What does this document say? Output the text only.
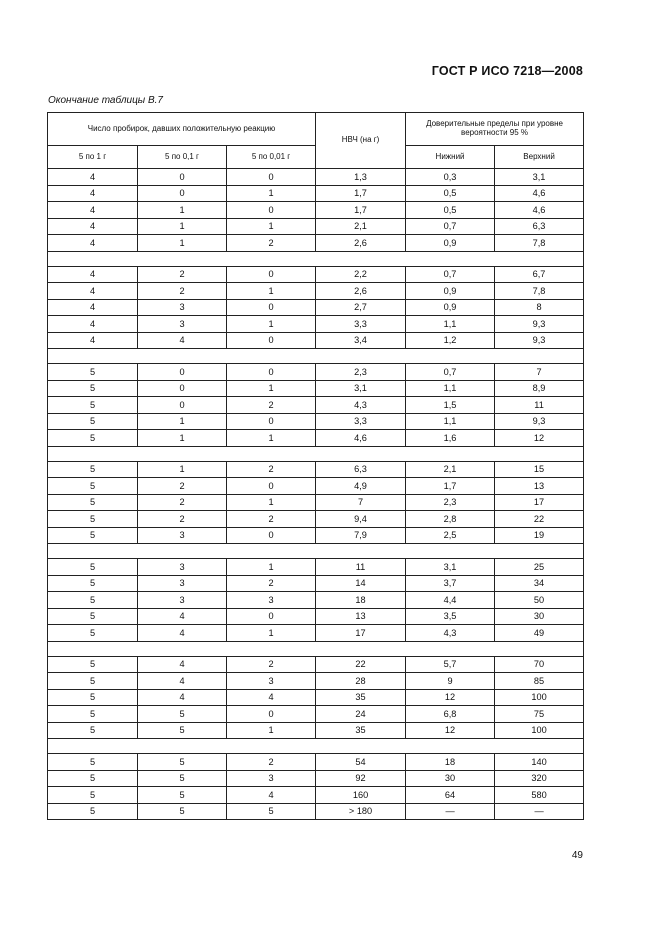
ГОСТ Р ИСО 7218—2008
Окончание таблицы В.7
Число пробирок, давших положительную реакцию			НВЧ (на г)	Доверительные пределы при уровне вероятности 95 %	
5 по 1 г	5 по 0,1 г	5 по 0,01 г		Нижний	Верхний
4	0	0	1,3	0,3	3,1
4	0	1	1,7	0,5	4,6
4	1	0	1,7	0,5	4,6
4	1	1	2,1	0,7	6,3
4	1	2	2,6	0,9	7,8

4	2	0	2,2	0,7	6,7
4	2	1	2,6	0,9	7,8
4	3	0	2,7	0,9	8
4	3	1	3,3	1,1	9,3
4	4	0	3,4	1,2	9,3

5	0	0	2,3	0,7	7
5	0	1	3,1	1,1	8,9
5	0	2	4,3	1,5	11
5	1	0	3,3	1,1	9,3
5	1	1	4,6	1,6	12

5	1	2	6,3	2,1	15
5	2	0	4,9	1,7	13
5	2	1	7	2,3	17
5	2	2	9,4	2,8	22
5	3	0	7,9	2,5	19

5	3	1	11	3,1	25
5	3	2	14	3,7	34
5	3	3	18	4,4	50
5	4	0	13	3,5	30
5	4	1	17	4,3	49

5	4	2	22	5,7	70
5	4	3	28	9	85
5	4	4	35	12	100
5	5	0	24	6,8	75
5	5	1	35	12	100

5	5	2	54	18	140
5	5	3	92	30	320
5	5	4	160	64	580
5	5	5	> 180	—	—
49
